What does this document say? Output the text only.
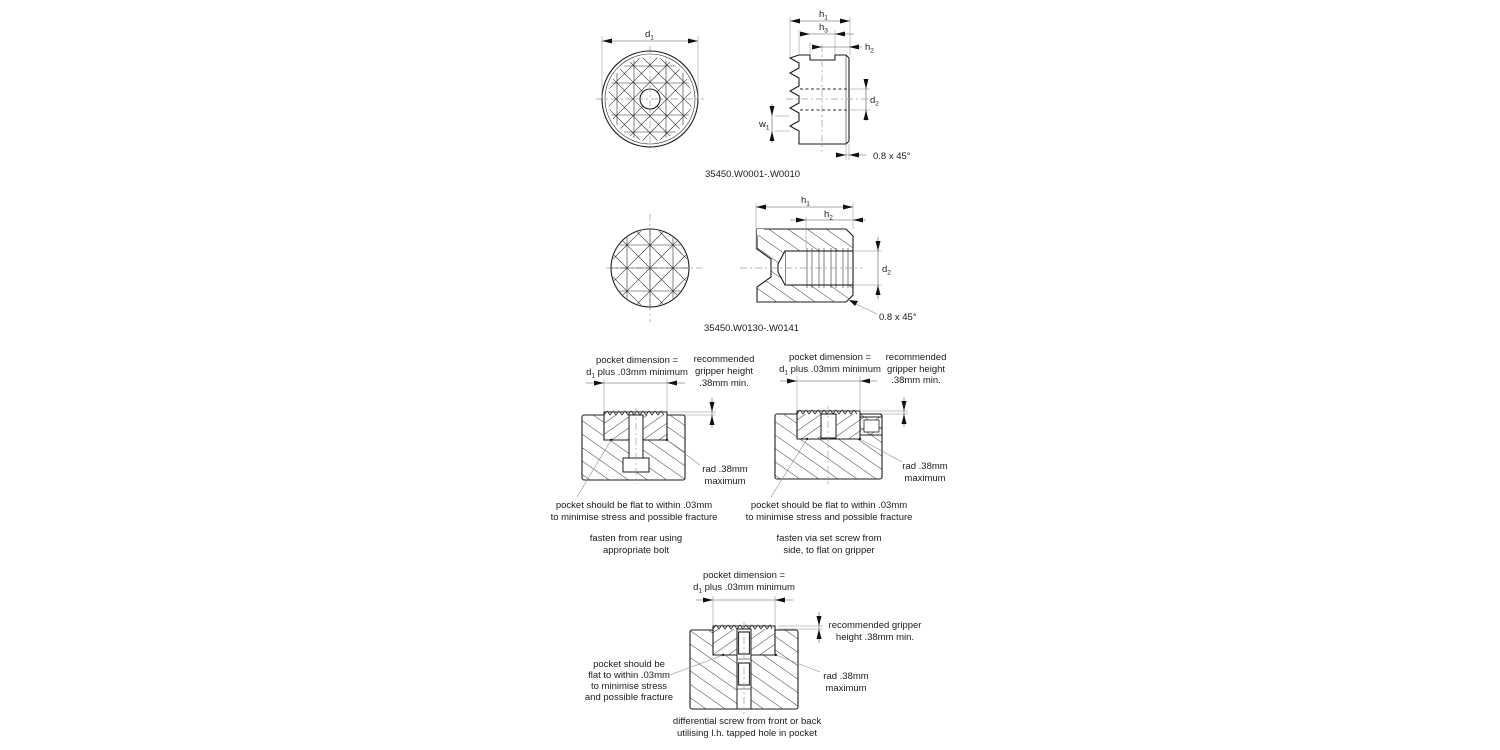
$d_1$
$h_1$
$h_3$
$h_2$
$d_2$
$w_1$
0.8 x 45°
35450.W0001-.W0010
$h_1$
$h_2$
$d_2$
0.8 x 45°
35450.W0130-.W0141
pocket dimension =
$d_1$ plus .03mm minimum
recommended
gripper height
.38mm min.
rad .38mm
maximum
pocket should be flat to within .03mm
to minimise stress and possible fracture
fasten from rear using
appropriate bolt
pocket dimension =
$d_1$ plus .03mm minimum
recommended
gripper height
.38mm min.
rad .38mm
maximum
pocket should be flat to within .03mm
to minimise stress and possible fracture
fasten via set screw from
side, to flat on gripper
pocket dimension =
$d_1$ plus .03mm minimum
recommended gripper
height .38mm min.
pocket should be
flat to within .03mm
to minimise stress
and possible fracture
rad .38mm
maximum
differential screw from front or back
utilising l.h. tapped hole in pocket
